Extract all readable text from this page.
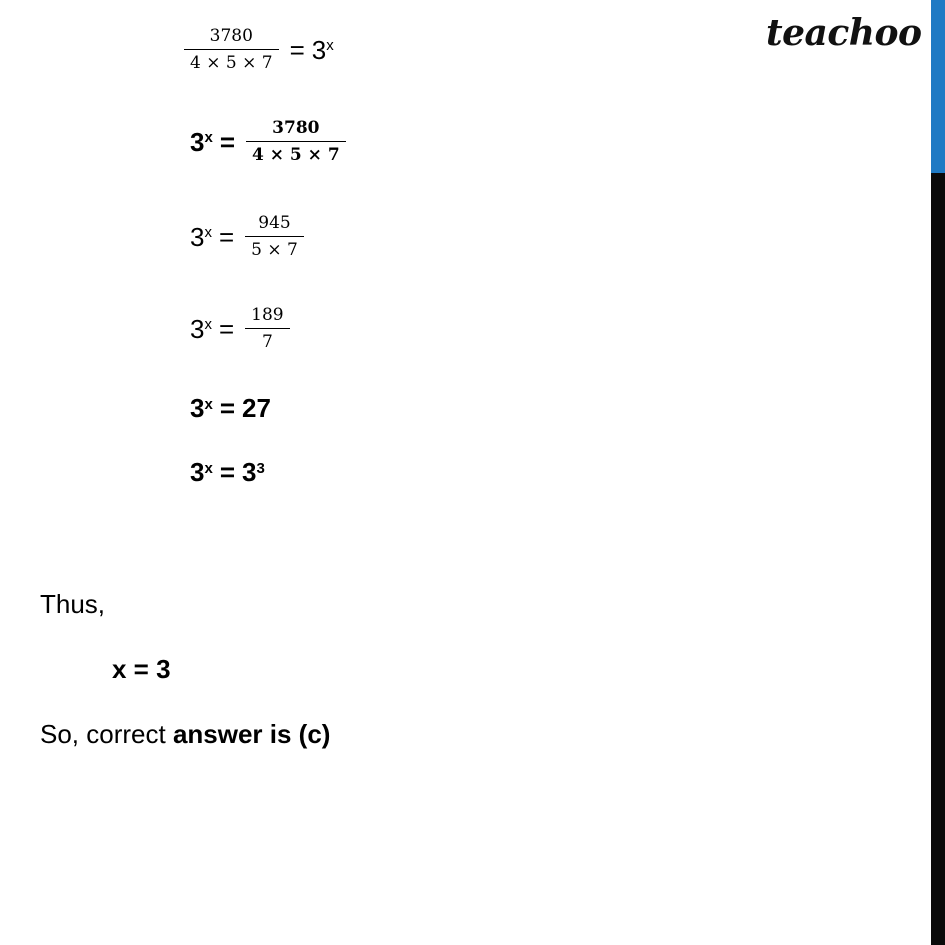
teachoo
$\frac{3780}{4 \times 5 \times 7} = 3^x$
$3^x = \frac{3780}{4 \times 5 \times 7}$
$3^x = \frac{945}{5 \times 7}$
$3^x = \frac{189}{7}$
$3^x = 27$
$3^x = 3^3$
Thus,
x = 3
So, correct answer is (c)
